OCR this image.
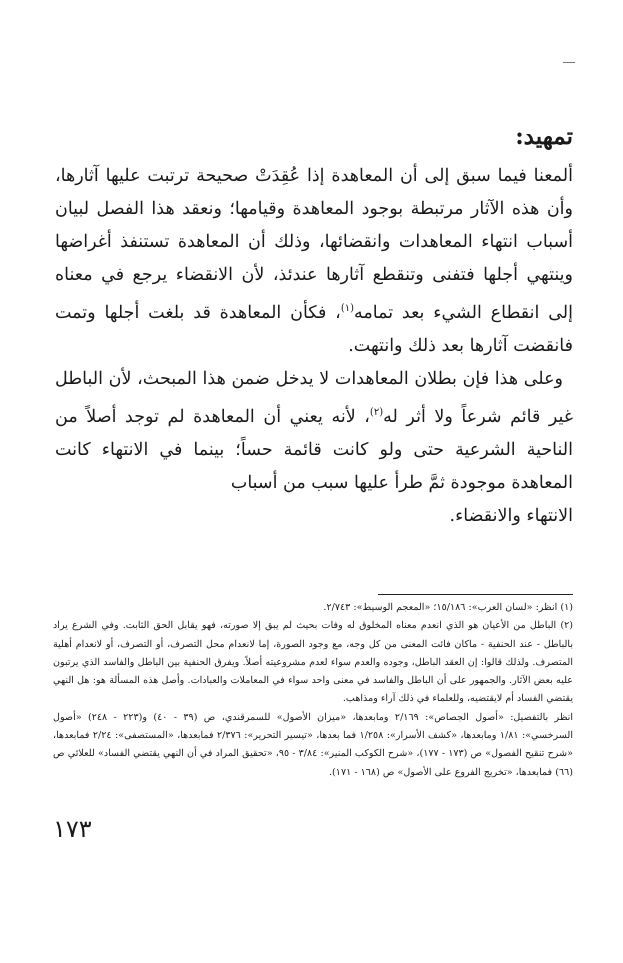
تمهيد:

ألمعنا فيما سبق إلى أن المعاهدة إذا عُقِدَتْ صحيحة ترتبت عليها آثارها، وأن هذه الآثار مرتبطة بوجود المعاهدة وقيامها؛ ونعقد هذا الفصل لبيان أسباب انتهاء المعاهدات وانقضائها، وذلك أن المعاهدة تستنفذ أغراضها وينتهي أجلها فتفنى وتنقطع آثارها عندئذ، لأن الانقضاء يرجع في معناه إلى انقطاع الشيء بعد تمامه$^{(١)}$، فكأن المعاهدة قد بلغت أجلها وتمت فانقضت آثارها بعد ذلك وانتهت.

وعلى هذا فإن بطلان المعاهدات لا يدخل ضمن هذا المبحث، لأن الباطل غير قائم شرعاً ولا أثر له$^{(٢)}$، لأنه يعني أن المعاهدة لم توجد أصلاً من الناحية الشرعية حتى ولو كانت قائمة حساً؛ بينما في الانتهاء كانت المعاهدة موجودة ثمَّ طرأ عليها سبب من أسباب

الانتهاء والانقضاء.

(١) انظر: «لسان العرب»: ١٥/١٨٦؛ «المعجم الوسيط»: ٢/٧٤٣.

(٢) الباطل من الأعيان هو الذي انعدم معناه المخلوق له وفات بحيث لم يبق إلا صورته، فهو يقابل الحق الثابت. وفي الشرع يراد بالباطل - عند الحنفية - ماكان فائت المعنى من كل وجه، مع وجود الصورة، إما لانعدام محل التصرف، أو التصرف، أو لانعدام أهلية المتصرف. ولذلك قالوا: إن العقد الباطل، وجوده والعدم سواء لعدم مشروعيته أصلاً. ويفرق الحنفية بين الباطل والفاسد الذي يرتبون عليه بعض الآثار. والجمهور على أن الباطل والفاسد في معنى واحد سواء في المعاملات والعبادات. وأصل هذه المسألة هو: هل النهي يقتضي الفساد أم لايقتضيه، وللعلماء في ذلك آراء ومذاهب.

انظر بالتفصيل: «أصول الجصاص»: ٢/١٦٩ ومابعدها، «ميزان الأصول» للسمرقندي، ص (٣٩ - ٤٠) و(٢٢٣ - ٢٤٨) «أصول السرخسي»: ١/٨١ ومابعدها، «كشف الأسرار»: ١/٢٥٨ فما بعدها، «تيسير التحرير»: ٢/٣٧٦ فمابعدها، «المستصفى»: ٢/٢٤ فمابعدها، «شرح تنقيح الفصول» ص (١٧٣ - ١٧٧)، «شرح الكوكب المنير»: ٣/٨٤ - ٩٥، «تحقيق المراد في أن النهي يقتضي الفساد» للعلائي ص (٦٦) فمابعدها، «تخريج الفروع على الأصول» ص (١٦٨ - ١٧١).

١٧٣
